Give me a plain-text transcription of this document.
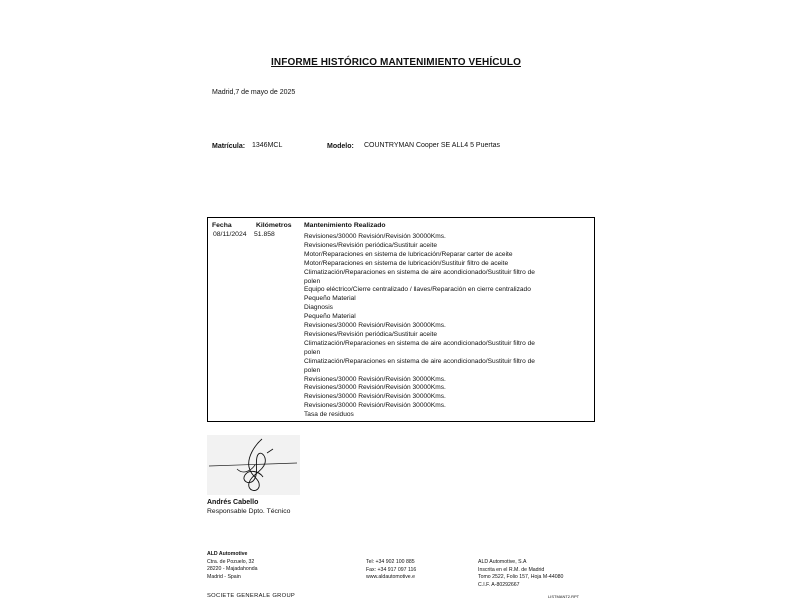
INFORME HISTÓRICO MANTENIMIENTO VEHÍCULO
Madrid,7 de mayo de 2025
Matrícula: 1346MCL	Modelo: COUNTRYMAN Cooper SE ALL4 5 Puertas
Fecha	Kilómetros Mantenimiento Realizado
08/11/2024 51.858	Revisiones/30000 Revisión/Revisión 30000Kms.
Revisiones/Revisión periódica/Sustituir aceite
Motor/Reparaciones en sistema de lubricación/Reparar carter de aceite
Motor/Reparaciones en sistema de lubricación/Sustituir filtro de aceite
Climatización/Reparaciones en sistema de aire acondicionado/Sustituir filtro de
polen
Equipo eléctrico/Cierre centralizado / llaves/Reparación en cierre centralizado
Pequeño Material
Diagnosis
Pequeño Material
Revisiones/30000 Revisión/Revisión 30000Kms.
Revisiones/Revisión periódica/Sustituir aceite
Climatización/Reparaciones en sistema de aire acondicionado/Sustituir filtro de
polen
Climatización/Reparaciones en sistema de aire acondicionado/Sustituir filtro de
polen
Revisiones/30000 Revisión/Revisión 30000Kms.
Revisiones/30000 Revisión/Revisión 30000Kms.
Revisiones/30000 Revisión/Revisión 30000Kms.
Revisiones/30000 Revisión/Revisión 30000Kms.
Tasa de residuos
Andrés Cabello
Responsable Dpto. Técnico
ALD Automotive
Ctra. de Pozuelo, 32
28220 - Majadahonda
Madrid - Spain
Tel: +34 902 100 885
Fax: +34 917 097 116
www.aldautomotive.e
ALD Automotive, S.A
Inscrita en el R.M. de Madrid
Tomo 2522, Folio 157, Hoja M-44080
C.I.F. A-80292667
SOCIETE GENERALE GROUP	LISTMANT2.RPT
